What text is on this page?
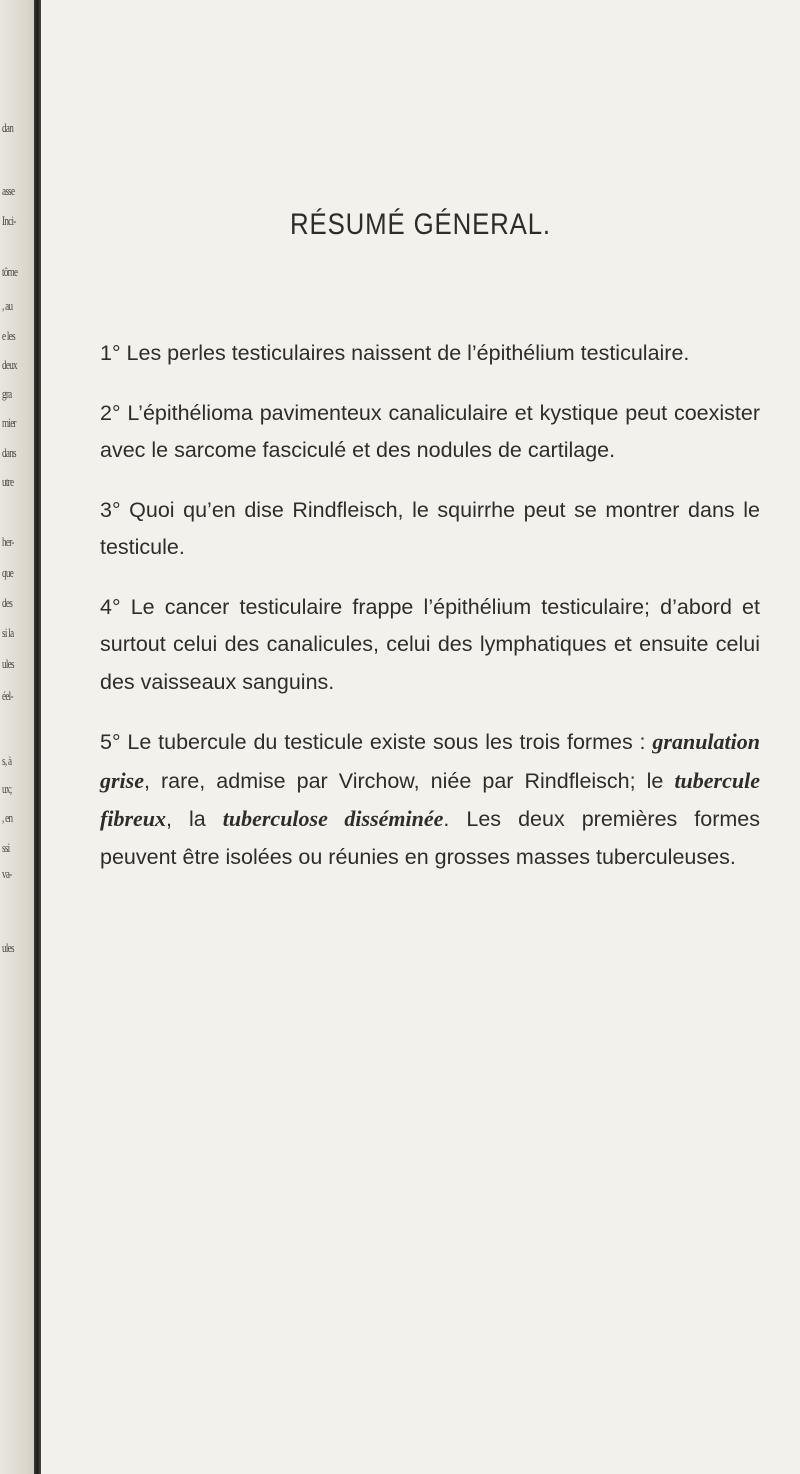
dan
asse
Inci-
tôme
, au
e les
deux
gra
mier
dans
utre
her-
que
des
si la
ules
éel-
s, à
ux;
, en
ssi
va-
ules
RÉSUMÉ GÉNERAL.

1° Les perles testiculaires naissent de l’épithélium testiculaire.

2° L’épithélioma pavimenteux canaliculaire et kystique peut coexister avec le sarcome fasciculé et des nodules de cartilage.

3° Quoi qu’en dise Rindfleisch, le squirrhe peut se montrer dans le testicule.

4° Le cancer testiculaire frappe l’épithélium testiculaire; d’abord et surtout celui des canalicules, celui des lymphatiques et ensuite celui des vaisseaux sanguins.

5° Le tubercule du testicule existe sous les trois formes : granulation grise, rare, admise par Virchow, niée par Rindfleisch; le tubercule fibreux, la tuberculose disséminée. Les deux premières formes peuvent être isolées ou réunies en grosses masses tuberculeuses.
